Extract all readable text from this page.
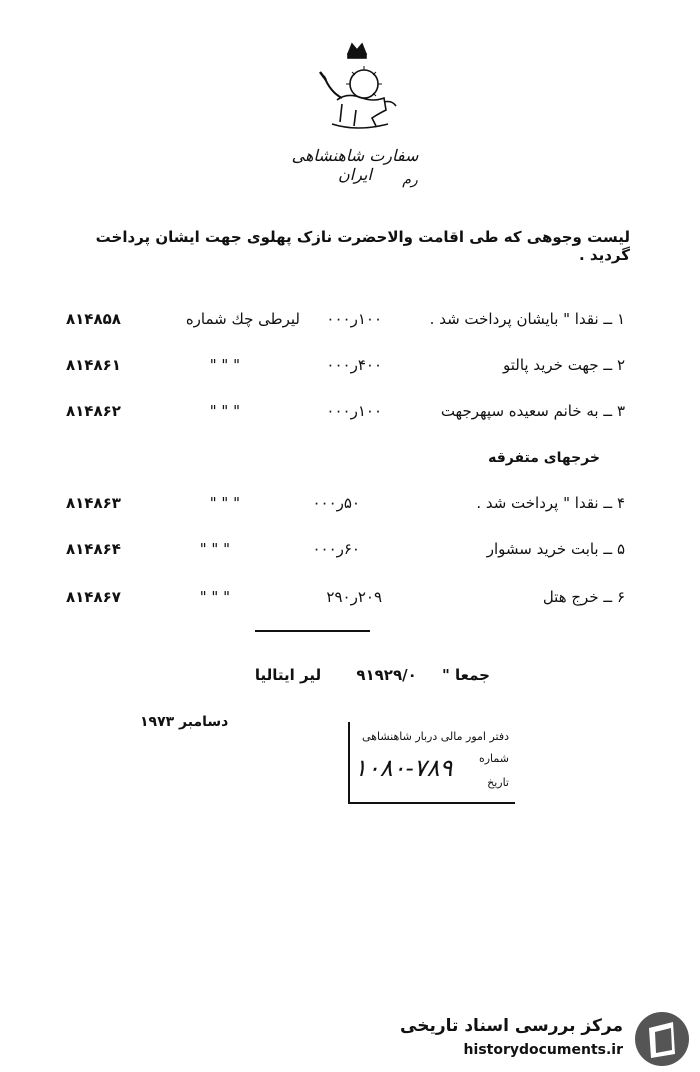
سفارت شاهنشاهی ایران	رم
لیست وجوهی که طی اقامت والاحضرت نازک پهلوی جهت ایشان پرداخت گردید .
۱ ــ نقدا " بایشان پرداخت شد .
۱۰۰ر۰۰۰
لیرطی چك شماره
۸۱۴۸۵۸
۲ ــ جهت خرید پالتو
۴۰۰ر۰۰۰
" " "
۸۱۴۸۶۱
۳ ــ به خانم سعیده سپهرجهت
۱۰۰ر۰۰۰
" " "
۸۱۴۸۶۲
خرجهای متفرقه
۴ ــ نقدا " پرداخت شد .
۵۰ر۰۰۰
" " "
۸۱۴۸۶۳
۵ ــ بابت خرید سشوار
۶۰ر۰۰۰
" " "
۸۱۴۸۶۴
۶ ــ خرج هتل
۲۰۹ر۲۹۰
" " "
۸۱۴۸۶۷
جمعا " ۹۱۹۲۹/۰ لیر ایتالیا
دسامبر ۱۹۷۳
دفتر امور مالی دربار شاهنشاهی
شماره
تاریخ
۱۰۸۰-۷۸۹
مرکز بررسی اسناد تاریخی
historydocuments.ir
